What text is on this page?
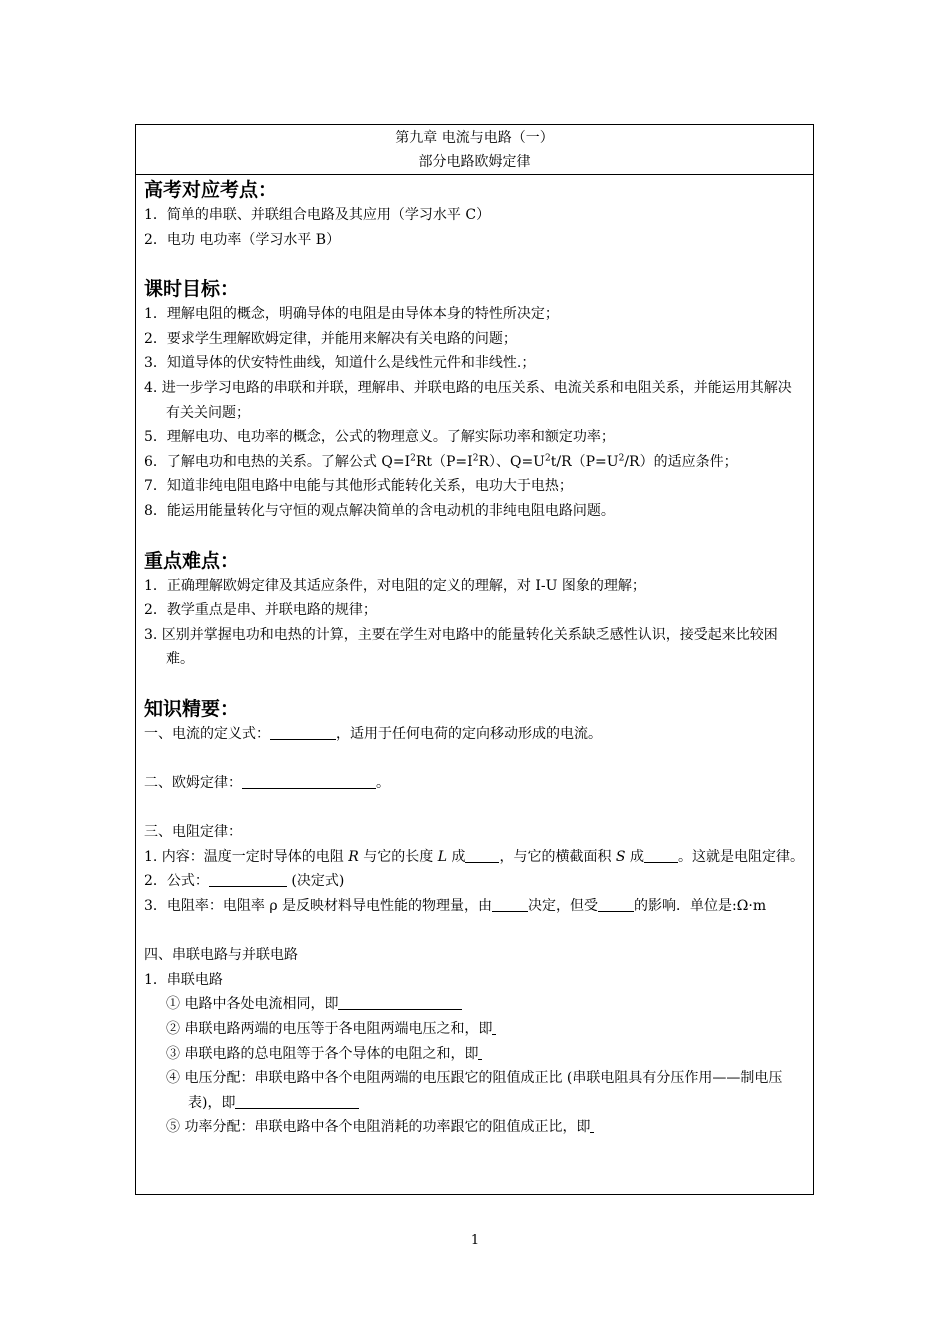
第九章 电流与电路（一）
部分电路欧姆定律
高考对应考点：
1．简单的串联、并联组合电路及其应用（学习水平 C）
2．电功 电功率（学习水平 B）
课时目标：
1．理解电阻的概念，明确导体的电阻是由导体本身的特性所决定；
2．要求学生理解欧姆定律，并能用来解决有关电路的问题；
3．知道导体的伏安特性曲线，知道什么是线性元件和非线性.；
4. 进一步学习电路的串联和并联，理解串、并联电路的电压关系、电流关系和电阻关系，并能运用其解决有关关问题；
5．理解电功、电功率的概念，公式的物理意义。了解实际功率和额定功率；
6．了解电功和电热的关系。了解公式 $Q=I^2Rt(P=I^2R)$、$Q=U^2t/R(P=U^2/R)$的适应条件；
7．知道非纯电阻电路中电能与其他形式能转化关系，电功大于电热；
8．能运用能量转化与守恒的观点解决简单的含电动机的非纯电阻电路问题。
重点难点：
1．正确理解欧姆定律及其适应条件，对电阻的定义的理解，对 I-U 图象的理解；
2．教学重点是串、并联电路的规律；
3. 区别并掌握电功和电热的计算，主要在学生对电路中的能量转化关系缺乏感性认识，接受起来比较困难。
知识精要：
一、电流的定义式：	，适用于任何电荷的定向移动形成的电流。
二、欧姆定律：	。
三、电阻定律：
1. 内容：温度一定时导体的电阻 R 与它的长度 L 成 ，与它的横截面积 S 成 。这就是电阻定律。
2．公式：	(决定式)
3．电阻率：电阻率 ρ 是反映材料导电性能的物理量，由	决定，但受	的影响．单位是:Ω·m
四、串联电路与并联电路
1．串联电路
① 电路中各处电流相同，即
② 串联电路两端的电压等于各电阻两端电压之和，即
③ 串联电路的总电阻等于各个导体的电阻之和，即
④ 电压分配：串联电路中各个电阻两端的电压跟它的阻值成正比 (串联电阻具有分压作用——制电压表)，即
⑤ 功率分配：串联电路中各个电阻消耗的功率跟它的阻值成正比，即
1
